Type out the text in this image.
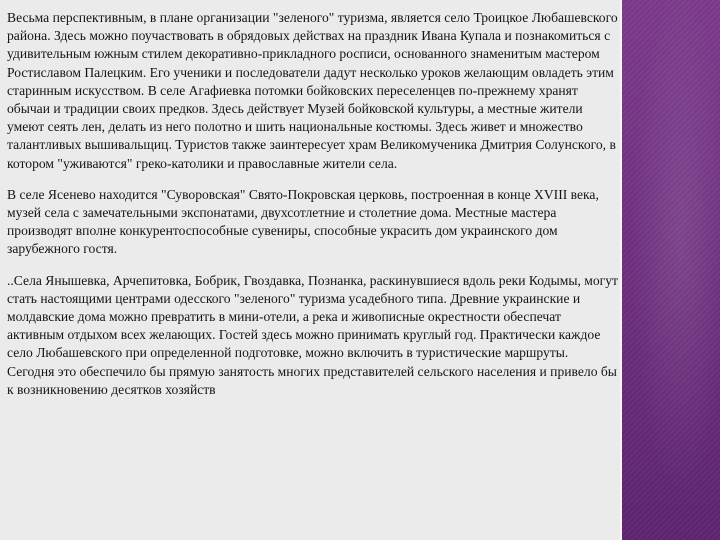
Весьма перспективным, в плане организации "зеленого" туризма, является село Троицкое Любашевского района. Здесь можно поучаствовать в обрядовых действах на праздник Ивана Купала и познакомиться с удивительным южным стилем декоративно-прикладного росписи, основанного знаменитым мастером Ростиславом Палецким. Его ученики и последователи дадут несколько уроков желающим овладеть этим старинным искусством. В селе Агафиевка потомки бойковских переселенцев по-прежнему хранят обычаи и традиции своих предков. Здесь действует Музей бойковской культуры, а местные жители умеют сеять лен, делать из него полотно и шить национальные костюмы. Здесь живет и множество талантливых вышивальщиц. Туристов также заинтересует храм Великомученика Дмитрия Солунского, в котором "уживаются" греко-католики и православные жители села.

В селе Ясенево находится "Суворовская" Свято-Покровская церковь, построенная в конце XVIII века, музей села с замечательными экспонатами, двухсотлетние и столетние дома. Местные мастера производят вполне конкурентоспособные сувениры, способные украсить дом украинского дом зарубежного гостя.

..Села Янышевка, Арчепитовка, Бобрик, Гвоздавка, Познанка, раскинувшиеся вдоль реки Кодымы, могут стать настоящими центрами одесского "зеленого" туризма усадебного типа. Древние украинские и молдавские дома можно превратить в мини-отели, а река и живописные окрестности обеспечат активным отдыхом всех желающих. Гостей здесь можно принимать круглый год. Практически каждое село Любашевского при определенной подготовке, можно включить в туристические маршруты. Сегодня это обеспечило бы прямую занятость многих представителей сельского населения и привело бы к возникновению десятков хозяйств
